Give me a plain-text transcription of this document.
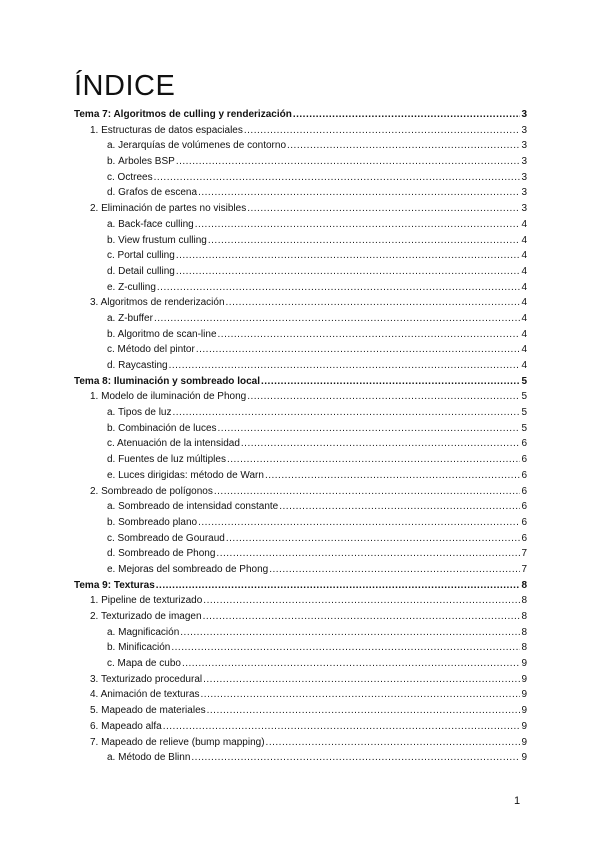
ÍNDICE
Tema 7: Algoritmos de culling y renderización .....	3
1. Estructuras de datos espaciales .....	3
a. Jerarquías de volúmenes de contorno .....	3
b. Árboles BSP .....	3
c. Octrees .....	3
d. Grafos de escena .....	3
2. Eliminación de partes no visibles .....	3
a. Back-face culling .....	4
b. View frustum culling .....	4
c. Portal culling .....	4
d. Detail culling .....	4
e. Z-culling .....	4
3. Algoritmos de renderización .....	4
a. Z-buffer .....	4
b. Algoritmo de scan-line .....	4
c. Método del pintor .....	4
d. Raycasting .....	4
Tema 8: Iluminación y sombreado local .....	5
1. Modelo de iluminación de Phong .....	5
a. Tipos de luz .....	5
b. Combinación de luces .....	5
c. Atenuación de la intensidad .....	6
d. Fuentes de luz múltiples .....	6
e. Luces dirigidas: método de Warn .....	6
2. Sombreado de polígonos .....	6
a. Sombreado de intensidad constante .....	6
b. Sombreado plano .....	6
c. Sombreado de Gouraud .....	6
d. Sombreado de Phong .....	7
e. Mejoras del sombreado de Phong .....	7
Tema 9: Texturas .....	8
1. Pipeline de texturizado .....	8
2. Texturizado de imagen .....	8
a. Magnificación .....	8
b. Minificación .....	8
c. Mapa de cubo .....	9
3. Texturizado procedural .....	9
4. Animación de texturas .....	9
5. Mapeado de materiales .....	9
6. Mapeado alfa .....	9
7. Mapeado de relieve (bump mapping) .....	9
a. Método de Blinn .....	9
1
